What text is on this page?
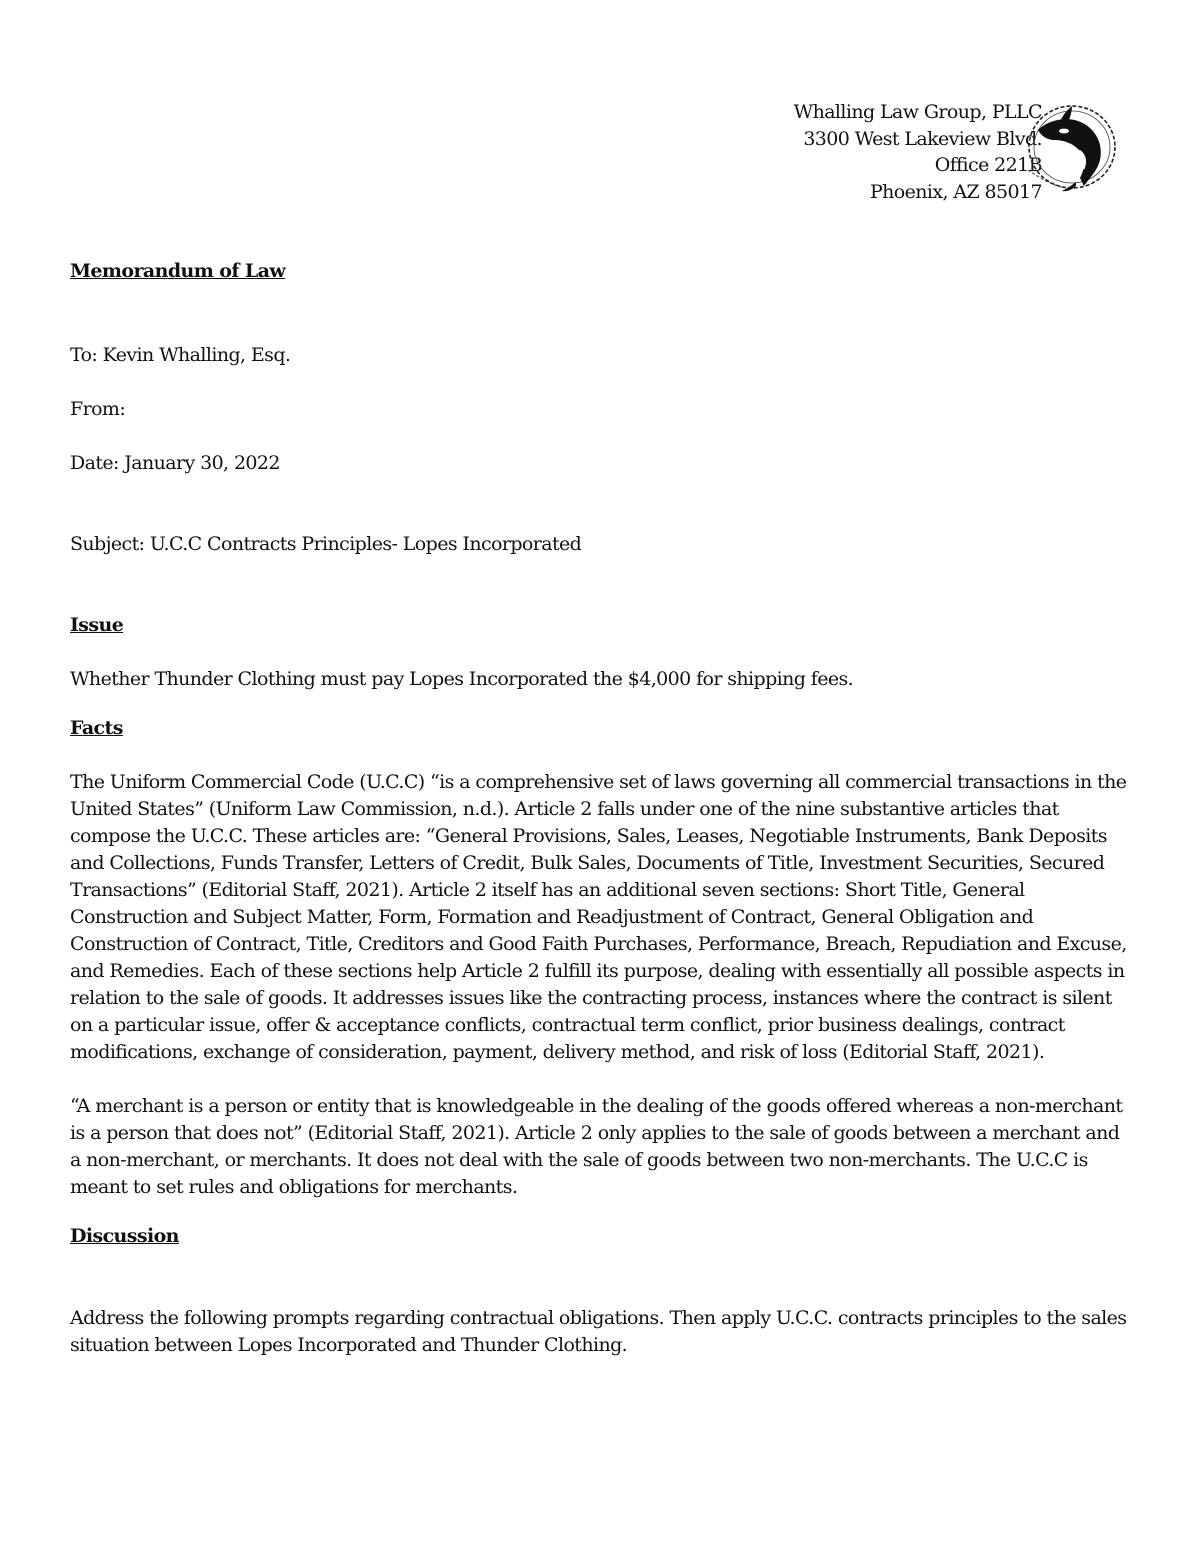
Whalling Law Group, PLLC
3300 West Lakeview Blvd.
Office 221B
Phoenix, AZ 85017

Memorandum of Law

To: Kevin Whalling, Esq.

From:

Date: January 30, 2022

Subject: U.C.C Contracts Principles- Lopes Incorporated

Issue

Whether Thunder Clothing must pay Lopes Incorporated the $4,000 for shipping fees.

Facts

The Uniform Commercial Code (U.C.C) “is a comprehensive set of laws governing all commercial transactions in the United States” (Uniform Law Commission, n.d.). Article 2 falls under one of the nine substantive articles that compose the U.C.C. These articles are: “General Provisions, Sales, Leases, Negotiable Instruments, Bank Deposits and Collections, Funds Transfer, Letters of Credit, Bulk Sales, Documents of Title, Investment Securities, Secured Transactions” (Editorial Staff, 2021). Article 2 itself has an additional seven sections: Short Title, General Construction and Subject Matter, Form, Formation and Readjustment of Contract, General Obligation and Construction of Contract, Title, Creditors and Good Faith Purchases, Performance, Breach, Repudiation and Excuse, and Remedies. Each of these sections help Article 2 fulfill its purpose, dealing with essentially all possible aspects in relation to the sale of goods. It addresses issues like the contracting process, instances where the contract is silent on a particular issue, offer & acceptance conflicts, contractual term conflict, prior business dealings, contract modifications, exchange of consideration, payment, delivery method, and risk of loss (Editorial Staff, 2021).

“A merchant is a person or entity that is knowledgeable in the dealing of the goods offered whereas a non-merchant is a person that does not” (Editorial Staff, 2021). Article 2 only applies to the sale of goods between a merchant and a non-merchant, or merchants. It does not deal with the sale of goods between two non-merchants. The U.C.C is meant to set rules and obligations for merchants.

Discussion

Address the following prompts regarding contractual obligations. Then apply U.C.C. contracts principles to the sales situation between Lopes Incorporated and Thunder Clothing.
